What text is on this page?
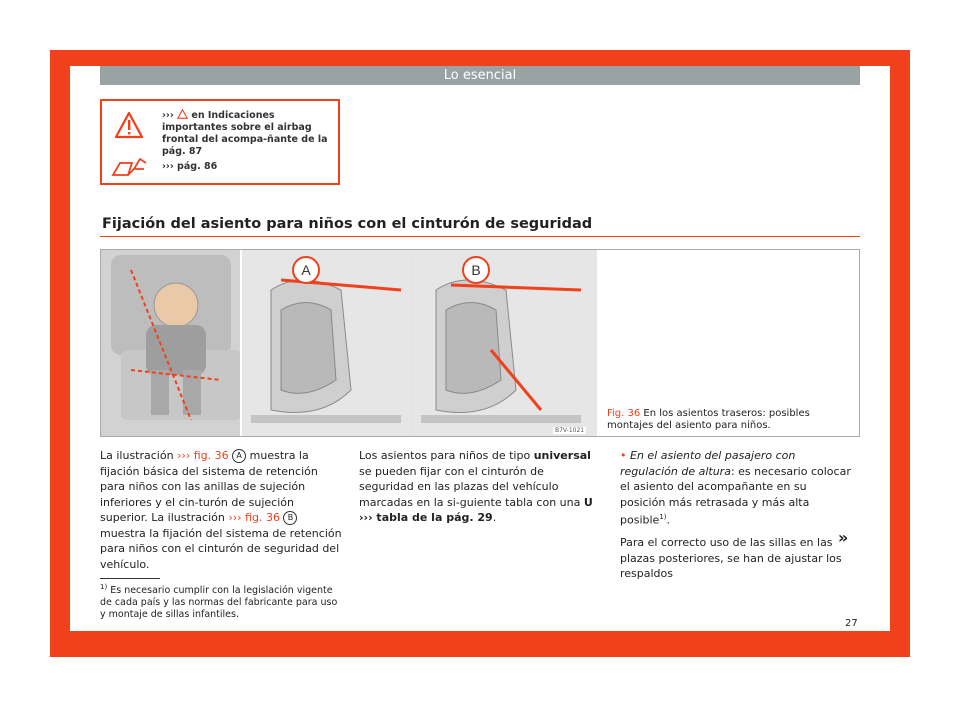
Lo esencial
››› en Indicaciones importantes sobre el airbag frontal del acompa-ñante de la pág. 87
››› pág. 86
Fijación del asiento para niños con el cinturón de seguridad
A	B
B7V-1021
Fig. 36 En los asientos traseros: posibles montajes del asiento para niños.
La ilustración ››› fig. 36 A muestra la fijación básica del sistema de retención para niños con las anillas de sujeción inferiores y el cin-turón de sujeción superior. La ilustración ››› fig. 36 B muestra la fijación del sistema de retención para niños con el cinturón de seguridad del vehículo.
Los asientos para niños de tipo universal se pueden fijar con el cinturón de seguridad en las plazas del vehículo marcadas en la si-guiente tabla con una U ››› tabla de la pág. 29.
• En el asiento del pasajero con regulación de altura: es necesario colocar el asiento del acompañante en su posición más retrasada y más alta posible$^{1)}$.
Para el correcto uso de las sillas en las plazas posteriores, se han de ajustar los respaldos
»
$^{1)}$ Es necesario cumplir con la legislación vigente de cada país y las normas del fabricante para uso y montaje de sillas infantiles.
27
